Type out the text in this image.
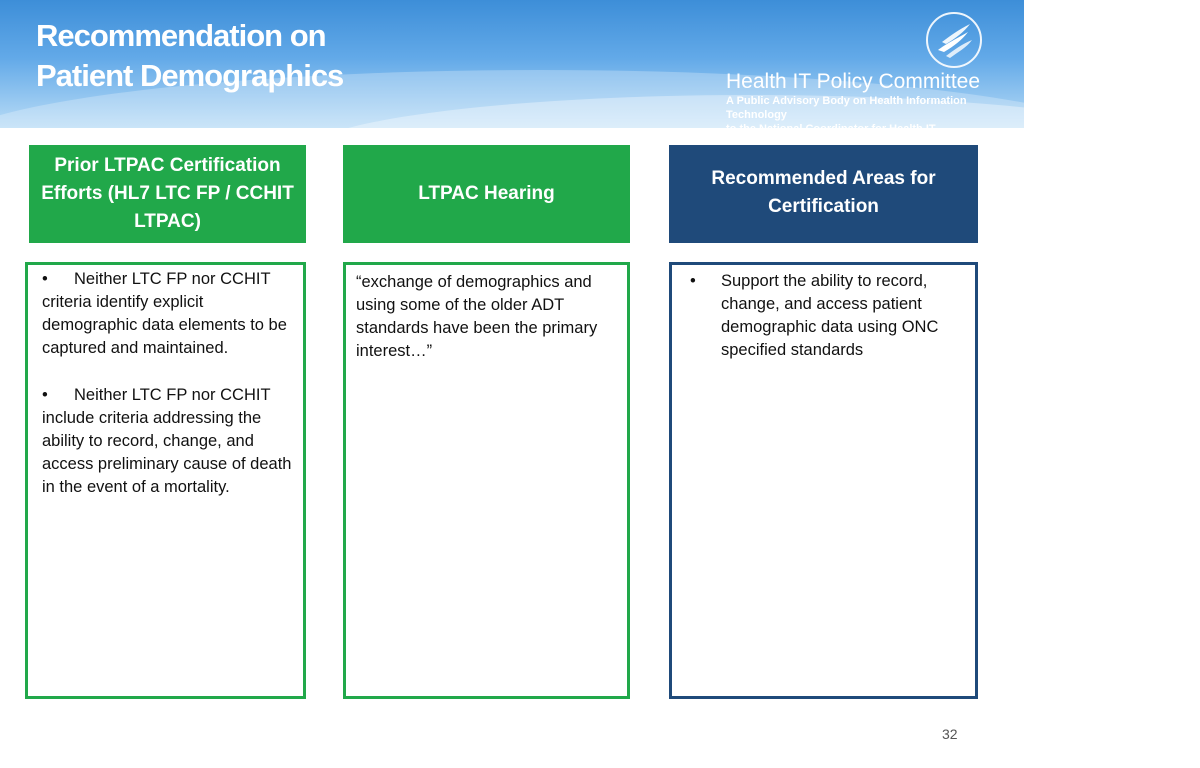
Recommendation on
Patient Demographics	Health IT Policy Committee
A Public Advisory Body on Health Information Technology
to the National Coordinator for Health IT
Prior LTPAC Certification Efforts (HL7 LTC FP / CCHIT LTPAC)
LTPAC Hearing
Recommended Areas for Certification

• Neither LTC FP nor CCHIT criteria identify explicit demographic data elements to be captured and maintained.

• Neither LTC FP nor CCHIT include criteria addressing the ability to record, change, and access preliminary cause of death in the event of a mortality.

“exchange of demographics and using some of the older ADT standards have been the primary interest…”

•	Support the ability to record, change, and access patient demographic data using ONC specified standards
32
